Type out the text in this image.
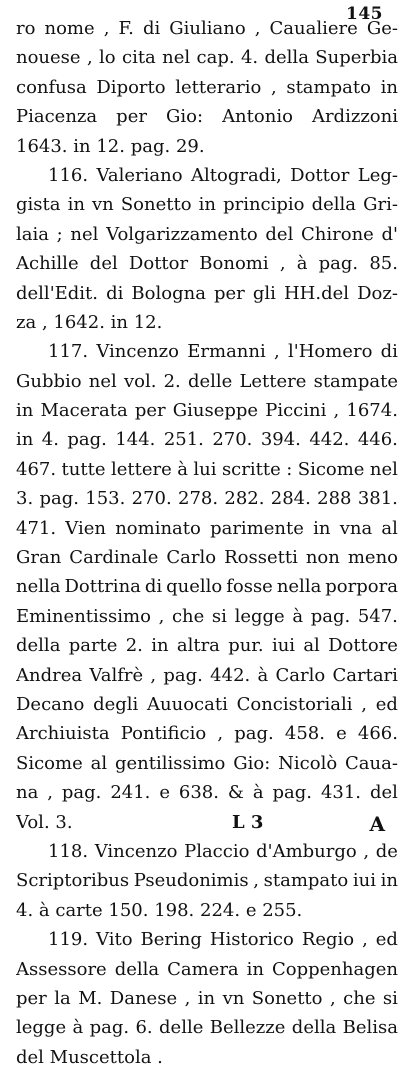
145
ro nome , F. di Giuliano , Caualiere Ge-
nouese , lo cita nel cap. 4. della Superbia
confusa Diporto letterario , stampato in
Piacenza per Gio: Antonio Ardizzoni
1643. in 12. pag. 29.
116. Valeriano Altogradi, Dottor Leg-
gista in vn Sonetto in principio della Gri-
laia ; nel Volgarizzamento del Chirone d'
Achille del Dottor Bonomi , à pag. 85.
dell'Edit. di Bologna per gli HH.del Doz-
za , 1642. in 12.
117. Vincenzo Ermanni , l'Homero di
Gubbio nel vol. 2. delle Lettere stampate
in Macerata per Giuseppe Piccini , 1674.
in 4. pag. 144. 251. 270. 394. 442. 446.
467. tutte lettere à lui scritte : Sicome nel
3. pag. 153. 270. 278. 282. 284. 288 381.
471. Vien nominato parimente in vna al
Gran Cardinale Carlo Rossetti non meno
nella Dottrina di quello fosse nella porpora
Eminentissimo , che si legge à pag. 547.
della parte 2. in altra pur. iui al Dottore
Andrea Valfrè , pag. 442. à Carlo Cartari
Decano degli Auuocati Concistoriali , ed
Archiuista Pontificio , pag. 458. e 466.
Sicome al gentilissimo Gio: Nicolò Caua-
na , pag. 241. e 638. & à pag. 431. del
Vol. 3.
118. Vincenzo Placcio d'Amburgo , de
Scriptoribus Pseudonimis , stampato iui in
4. à carte 150. 198. 224. e 255.
119. Vito Bering Historico Regio , ed
Assessore della Camera in Coppenhagen
per la M. Danese , in vn Sonetto , che si
legge à pag. 6. delle Bellezze della Belisa
del Muscettola .
L 3	A
